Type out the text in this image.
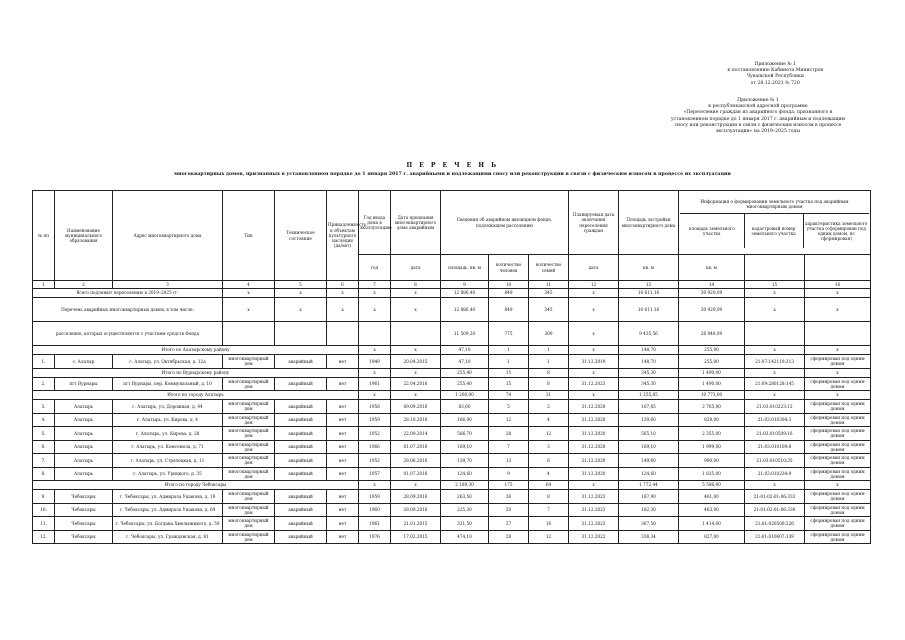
Приложение № 1
к постановлению Кабинета Министров
Чувашской Республики
от 28.12.2021 № 720
Приложение № 1
к республиканской адресной программе
«Переселение граждан из аварийного фонда, признанного в
установленном порядке до 1 января 2017 г. аварийным и подлежащим
сносу или реконструкции в связи с физическим износом в процессе
эксплуатации» на 2019–2025 годы
П Е Р Е Ч Е Н Ь
многоквартирных домов, признанных в установленном порядке до 1 января 2017 г. аварийными и подлежащими сносу или реконструкции в связи с физическим износом в процессе их эксплуатации
№ пп	Наименование муниципального образования	Адрес многоквартирного дома	Тип	Техническое состояние	Принадлежность к объектам культурного наследия (да/нет)	Год ввода дома в эксплуатацию	Дата признания многоквартирного дома аварийным	Сведения об аварийном жилищном фонде, подлежащем расселению	Планируемая дата окончания переселения граждан	Площадь застройки многоквартирного дома	
Информация о формировании земельного участка под аварийным многоквартирным домом
площадь земельного участка	кадастровый номер земельного участка	характеристика земельного участка (сформирован под одним домом, нс сформирован)

год	дата	площадь, кв. м	количество человек	количество семей	дата	кв. м	кв. м		
1	2	3	4	5	6	7	8	9	10	11	12	13	14	15	16
Всего подлежит переселению в 2019–2025 гг.	х	х	х	х	х	12 886,40	849	345	х	10 611,16	30 929,09	х	х
Перечень аварийных многоквартирных домов, в том числе:	х	х	х	х	х	12 886,40	849	345	х	10 611,16	30 929,09	х	х
расселение, которых осуществляется с участием средств Фонда						11 509,20	775	309	х	9 435,56	26 948,09		
Итого по Алатырскому району	х	х	47,10	1	1	х	148,70	255,00	х	х
1.	с. Алатыр	с. Алатыр, ул. Октябрьская, д. 12а	многоквартирный дом	аварийный	нет	1949	20.04.2015	47,10	1	1	31.12.2019	148,70	255,00	21:07:142119:313	сформирован под одним домом
Итого по Вурнарскому району	х	х	255,40	15	8	х	345,30	1 490,00	х	х
2.	пгт Вурнары	пгт Вурнары, пер. Коммунальный, д. 10	многоквартирный дом	аварийный	нет	1961	22.04.2016	255,40	15	8	31.12.2023	345,30	1 490,00	21:09:280128:145	сформирован под одним домом
Итого по городу Алатырь	х	х	1 260,00	74	31	х	1 255,85	10 773,00	х	х
3.	Алатырь	г. Алатырь, ул. Дорожная, д. 44	многоквартирный дом	аварийный	нет	1958	09.09.2016	83,60	5	2	31.12.2020	107,85	2 765,00	21:03:010223:12	сформирован под одним домом
4.	Алатырь	г. Алатырь, ул. Кирова, д. 4	многоквартирный дом	аварийный	нет	1959	28.10.2016	166,90	12	4	31.12.2020	139,60	829,00	21:03:010304:3	сформирован под одним домом
5.	Алатырь	г. Алатырь, ул. Кирова, д. 28	многоквартирный дом	аварийный	нет	1952	22.09.2014	566,70	28	12	31.12.2020	565,10	2 355,00	21:03:010509:16	сформирован под одним домом
6.	Алатырь	г. Алатырь, ул. Комсомола, д. 71	многоквартирный дом	аварийный	нет	1966	01.07.2016	169,10	7	3	31.12.2020	169,10	1 999,00	21:03:010109:8	сформирован под одним домом
7.	Алатырь	г. Алатырь, ул. Стрелецкая, д. 11	многоквартирный дом	аварийный	нет	1952	28.06.2016	139,70	13	6	31.12.2020	149,60	990,00	21:03:010510:35	сформирован под одним домом
8.	Алатырь	г. Алатырь, ул. Урицкого, д. 35	многоквартирный дом	аварийный	нет	1957	01.07.2016	124,60	9	4	31.12.2020	124,60	1 835,00	21:03:010234:9	сформирован под одним домом
Итого по городу Чебоксары	х	х	2 189,30	175	64	х	1 772,44	5 586,00	х	х
9.	Чебоксары	г. Чебоксары, ул. Адмирала Ушакова, д. 19	многоквартирный дом	аварийный	нет	1959	28.09.2016	263,50	26	8	31.12.2023	187,90	461,00	21:01:02:01:06:333	сформирован под одним домом
10.	Чебоксары	г. Чебоксары, ул. Адмирала Ушакова, д. 69	многоквартирный дом	аварийный	нет	1960	28.09.2016	225,30	20	7	31.12.2023	182,30	463,00	21:01:02:01:06:330	сформирован под одним домом
11.	Чебоксары	г. Чебоксары, ул. Богдана Хмельницкого, д. 50	многоквартирный дом	аварийный	нет	1961	21.01.2015	321,50	27	16	31.12.2023	367,50	1 414,00	21:01:020509:226	сформирован под одним домом
12.	Чебоксары	г. Чебоксары, ул. Гражданская, д. 81	многоквартирный дом	аварийный	нет	1976	17.02.2015	474,10	28	12	31.12.2022	338,34	827,00	21:01:010607:139	сформирован под одним домом
